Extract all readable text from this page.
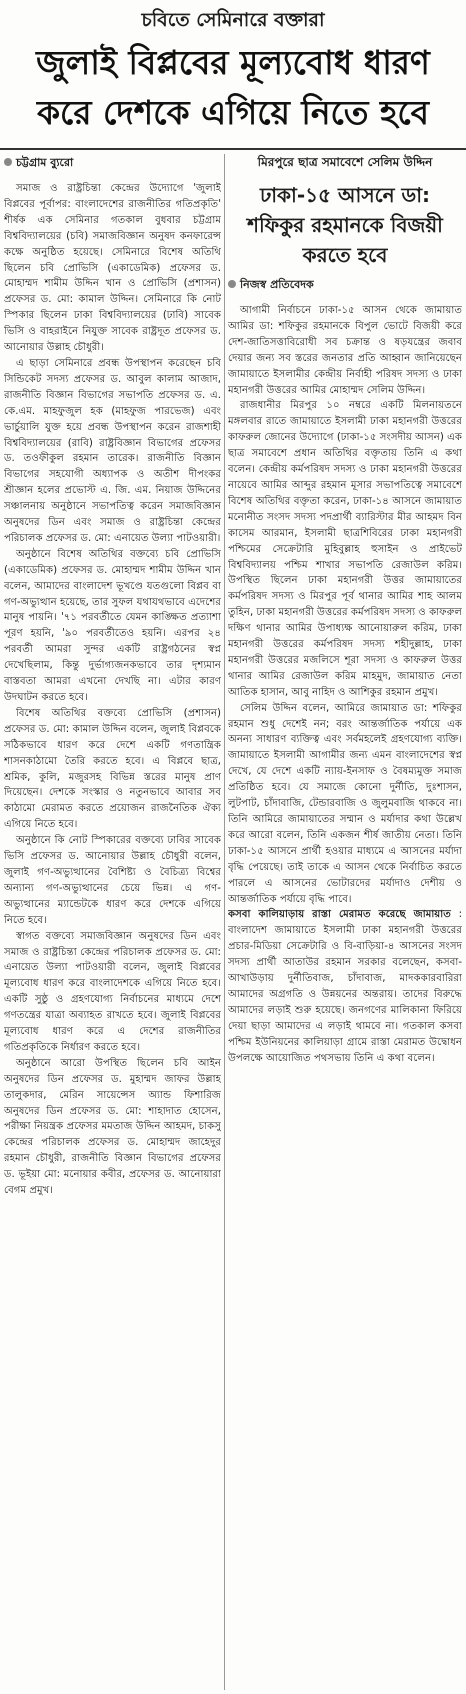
চবিতে সেমিনারে বক্তারা
জুলাই বিপ্লবের মূল্যবোধ ধারণ করে দেশকে এগিয়ে নিতে হবে
চট্টগ্রাম ব্যুরো

সমাজ ও রাষ্ট্রচিন্তা কেন্দ্রের উদ্যোগে 'জুলাই বিপ্লবের পূর্বাপর: বাংলাদেশের রাজনীতির গতিপ্রকৃতি' শীর্ষক এক সেমিনার গতকাল বুধবার চট্টগ্রাম বিশ্ববিদ্যালয়ের (চবি) সমাজবিজ্ঞান অনুষদ কনফারেন্স কক্ষে অনুষ্ঠিত হয়েছে। সেমিনারে বিশেষ অতিথি ছিলেন চবি প্রোভিসি (একাডেমিক) প্রফেসর ড. মোহাম্মদ শামীম উদ্দিন খান ও প্রোভিসি (প্রশাসন) প্রফেসর ড. মো: কামাল উদ্দিন। সেমিনারে কি নোট স্পিকার ছিলেন ঢাকা বিশ্ববিদ্যালয়ের (ঢাবি) সাবেক ভিসি ও বাহরাইনে নিযুক্ত সাবেক রাষ্ট্রদূত প্রফেসর ড. আনোয়ার উল্লাহ চৌধুরী।

এ ছাড়া সেমিনারে প্রবন্ধ উপস্থাপন করেছেন চবি সিন্ডিকেট সদস্য প্রফেসর ড. আবুল কালাম আজাদ, রাজনীতি বিজ্ঞান বিভাগের সভাপতি প্রফেসর ড. এ. কে.এম. মাহফুজুল হক (মাহফুজ পারভেজ) এবং ভার্চুয়ালি যুক্ত হয়ে প্রবন্ধ উপস্থাপন করেন রাজশাহী বিশ্ববিদ্যালয়ের (রাবি) রাষ্ট্রবিজ্ঞান বিভাগের প্রফেসর ড. তওফীকুল রহমান তারেক। রাজনীতি বিজ্ঞান বিভাগের সহযোগী অধ্যাপক ও অতীশ দীপংকর শ্রীজ্ঞান হলের প্রভোস্ট এ. জি. এম. নিয়াজ উদ্দিনের সঞ্চালনায় অনুষ্ঠানে সভাপতিত্ব করেন সমাজবিজ্ঞান অনুষদের ডিন এবং সমাজ ও রাষ্ট্রচিন্তা কেন্দ্রের পরিচালক প্রফেসর ড. মো: এনায়েত উল্যা পাটওয়ারী।

অনুষ্ঠানে বিশেষ অতিথির বক্তব্যে চবি প্রোভিসি (একাডেমিক) প্রফেসর ড. মোহাম্মদ শামীম উদ্দিন খান বলেন, আমাদের বাংলাদেশ ভূখণ্ডে যতগুলো বিপ্লব বা গণ-অভ্যুত্থান হয়েছে, তার সুফল যথাযথভাবে এদেশের মানুষ পায়নি। '৭১ পরবর্তীতে যেমন কাঙ্ক্ষিত প্রত্যাশা পূরণ হয়নি, '৯০ পরবর্তীতেও হয়নি। এরপর ২৪ পরবর্তী আমরা সুন্দর একটি রাষ্ট্রগঠনের স্বপ্ন দেখেছিলাম, কিন্তু দুর্ভাগ্যজনকভাবে তার দৃশ্যমান বাস্তবতা আমরা এখনো দেখছি না। এটার কারণ উদঘাটন করতে হবে।

বিশেষ অতিথির বক্তব্যে প্রোভিসি (প্রশাসন) প্রফেসর ড. মো: কামাল উদ্দিন বলেন, জুলাই বিপ্লবকে সঠিকভাবে ধারণ করে দেশে একটি গণতান্ত্রিক শাসনকাঠামো তৈরি করতে হবে। এ বিপ্লবে ছাত্র, শ্রমিক, কুলি, মজুরসহ বিভিন্ন স্তরের মানুষ প্রাণ দিয়েছেন। দেশকে সংস্কার ও নতুনভাবে আবার সব কাঠামো মেরামত করতে প্রয়োজন রাজনৈতিক ঐক্য এগিয়ে নিতে হবে।

অনুষ্ঠানে কি নোট স্পিকারের বক্তব্যে ঢাবির সাবেক ভিসি প্রফেসর ড. আনোয়ার উল্লাহ চৌধুরী বলেন, জুলাই গণ-অভ্যুত্থানের বৈশিষ্ট্য ও বৈচিত্র্য বিশ্বের অন্যান্য গণ-অভ্যুত্থানের চেয়ে ভিন্ন। এ গণ-অভ্যুত্থানের ম্যান্ডেটকে ধারণ করে দেশকে এগিয়ে নিতে হবে।

স্বাগত বক্তব্যে সমাজবিজ্ঞান অনুষদের ডিন এবং সমাজ ও রাষ্ট্রচিন্তা কেন্দ্রের পরিচালক প্রফেসর ড. মো: এনায়েত উল্যা পাটওয়ারী বলেন, জুলাই বিপ্লবের মূল্যবোধ ধারণ করে বাংলাদেশকে এগিয়ে নিতে হবে। একটি সুষ্ঠু ও গ্রহণযোগ্য নির্বাচনের মাধ্যমে দেশে গণতন্ত্রের যাত্রা অব্যাহত রাখতে হবে। জুলাই বিপ্লবের মূল্যবোধ ধারণ করে এ দেশের রাজনীতির গতিপ্রকৃতিকে নির্ধারণ করতে হবে।

অনুষ্ঠানে আরো উপস্থিত ছিলেন চবি আইন অনুষদের ডিন প্রফেসর ড. মুহাম্মদ জাফর উল্লাহ তালুকদার, মেরিন সায়েন্সেস অ্যান্ড ফিশারিজ অনুষদের ডিন প্রফেসর ড. মো: শাহাদাত হোসেন, পরীক্ষা নিয়ন্ত্রক প্রফেসর মমতাজ উদ্দিন আহমদ, চাকসু কেন্দ্রের পরিচালক প্রফেসর ড. মোহাম্মদ জাহেদুর রহমান চৌধুরী, রাজনীতি বিজ্ঞান বিভাগের প্রফেসর ড. ভূইয়া মো: মনোয়ার কবীর, প্রফেসর ড. আনোয়ারা বেগম প্রমুখ।

মিরপুরে ছাত্র সমাবেশে সেলিম উদ্দিন
ঢাকা-১৫ আসনে ডা: শফিকুর রহমানকে বিজয়ী করতে হবে
নিজস্ব প্রতিবেদক

আগামী নির্বাচনে ঢাকা-১৫ আসন থেকে জামায়াত আমির ডা: শফিকুর রহমানকে বিপুল ভোটে বিজয়ী করে দেশ-জাতিসত্তাবিরোধী সব চক্রান্ত ও ষড়যন্ত্রের জবাব দেয়ার জন্য সব স্তরের জনতার প্রতি আহ্বান জানিয়েছেন জামায়াতে ইসলামীর কেন্দ্রীয় নির্বাহী পরিষদ সদস্য ও ঢাকা মহানগরী উত্তরের আমির মোহাম্মদ সেলিম উদ্দিন।

রাজধানীর মিরপুর ১০ নম্বরে একটি মিলনায়তনে মঙ্গলবার রাতে জামায়াতে ইসলামী ঢাকা মহানগরী উত্তরের কাফরুল জোনের উদ্যোগে (ঢাকা-১৫ সংসদীয় আসন) এক ছাত্র সমাবেশে প্রধান অতিথির বক্তৃতায় তিনি এ কথা বলেন। কেন্দ্রীয় কর্মপরিষদ সদস্য ও ঢাকা মহানগরী উত্তরের নায়েবে আমির আব্দুর রহমান মূসার সভাপতিত্বে সমাবেশে বিশেষ অতিথির বক্তৃতা করেন, ঢাকা-১৪ আসনে জামায়াত মনোনীত সংসদ সদস্য পদপ্রার্থী ব্যারিস্টার মীর আহমদ বিন কাসেম আরমান, ইসলামী ছাত্রশিবিরের ঢাকা মহানগরী পশ্চিমের সেক্রেটারি মুহিবুল্লাহ হুসাইন ও প্রাইভেট বিশ্ববিদ্যালয় পশ্চিম শাখার সভাপতি রেজাউল করিম। উপস্থিত ছিলেন ঢাকা মহানগরী উত্তর জামায়াতের কর্মপরিষদ সদস্য ও মিরপুর পূর্ব থানার আমির শাহ আলম তুহিন, ঢাকা মহানগরী উত্তরের কর্মপরিষদ সদস্য ও কাফরুল দক্ষিণ থানার আমির উপাধ্যক্ষ আনোয়ারুল করিম, ঢাকা মহানগরী উত্তরের কর্মপরিষদ সদস্য শহীদুল্লাহ, ঢাকা মহানগরী উত্তরের মজলিসে শূরা সদস্য ও কাফরুল উত্তর থানার আমির রেজাউল করিম মাহমুদ, জামায়াত নেতা আতিক হাসান, আবু নাহিদ ও আশিকুর রহমান প্রমুখ।

সেলিম উদ্দিন বলেন, আমিরে জামায়াত ডা: শফিকুর রহমান শুধু দেশেই নন; বরং আন্তর্জাতিক পর্যায়ে এক অনন্য সাধারণ ব্যক্তিত্ব এবং সর্বমহলেই গ্রহণযোগ্য ব্যক্তি। জামায়াতে ইসলামী আগামীর জন্য এমন বাংলাদেশের স্বপ্ন দেখে, যে দেশে একটি ন্যায়-ইনসাফ ও বৈষম্যমুক্ত সমাজ প্রতিষ্ঠিত হবে। যে সমাজে কোনো দুর্নীতি, দুঃশাসন, লুটপাট, চাঁদাবাজি, টেন্ডারবাজি ও জুলুমবাজি থাকবে না। তিনি আমিরে জামায়াতের সম্মান ও মর্যাদার কথা উল্লেখ করে আরো বলেন, তিনি একজন শীর্ষ জাতীয় নেতা। তিনি ঢাকা-১৫ আসনে প্রার্থী হওয়ার মাধ্যমে এ আসনের মর্যাদা বৃদ্ধি পেয়েছে। তাই তাকে এ আসন থেকে নির্বাচিত করতে পারলে এ আসনের ভোটারদের মর্যাদাও দেশীয় ও আন্তর্জাতিক পর্যায়ে বৃদ্ধি পাবে।

কসবা কালিয়াড়ায় রাস্তা মেরামত করেছে জামায়াত : বাংলাদেশ জামায়াতে ইসলামী ঢাকা মহানগরী উত্তরের প্রচার-মিডিয়া সেক্রেটারি ও বি-বাড়িয়া-৪ আসনের সংসদ সদস্য প্রার্থী আতাউর রহমান সরকার বলেছেন, কসবা-আখাউড়ায় দুর্নীতিবাজ, চাঁদাবাজ, মাদককারবারিরা আমাদের অগ্রগতি ও উন্নয়নের অন্তরায়। তাদের বিরুদ্ধে আমাদের লড়াই শুরু হয়েছে। জনগণের মালিকানা ফিরিয়ে দেয়া ছাড়া আমাদের এ লড়াই থামবে না। গতকাল কসবা পশ্চিম ইউনিয়নের কালিয়াড়া গ্রামে রাস্তা মেরামত উদ্বোধন উপলক্ষে আয়োজিত পথসভায় তিনি এ কথা বলেন।
